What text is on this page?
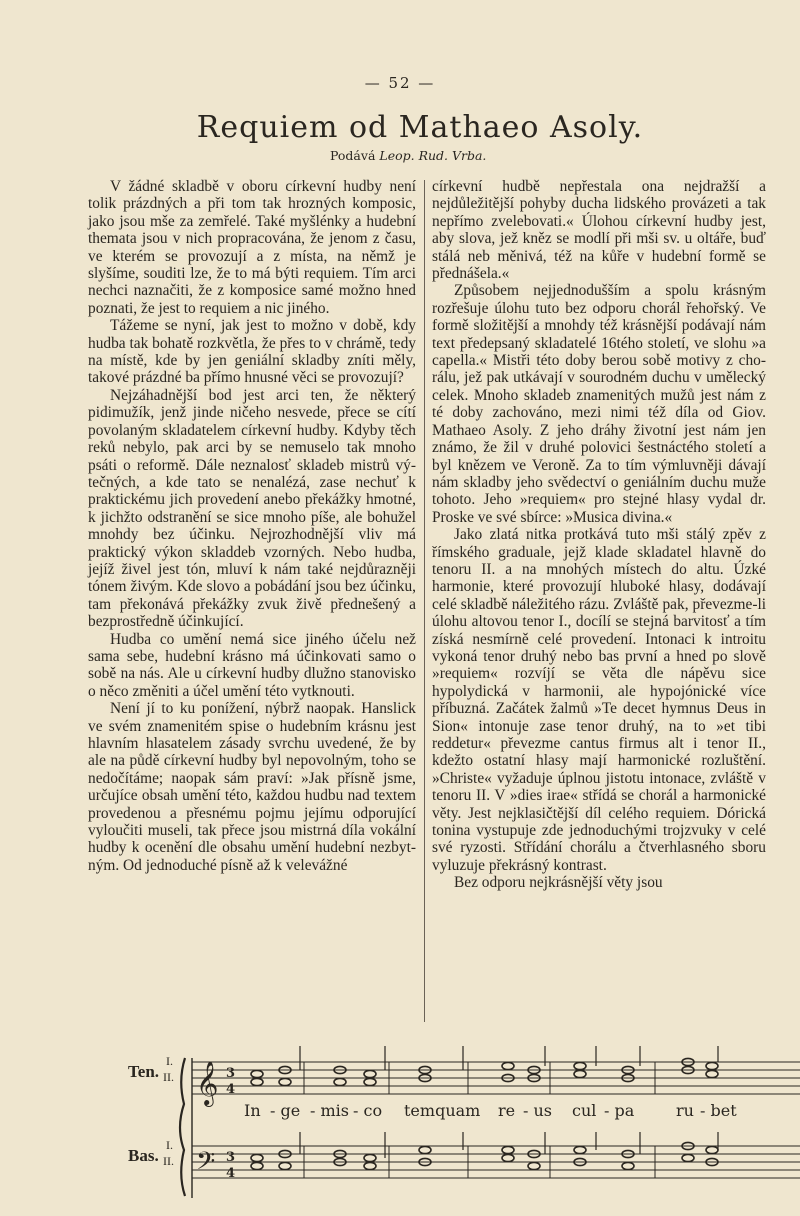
— 52 —
Requiem od Mathaeo Asoly.
Podává Leop. Rud. Vrba.

V žádné skladbě v oboru církevní hudby není tolik prázdných a při tom tak hrozných komposic, jako jsou mše za zemřelé. Také myšlénky a hudební themata jsou v nich propracována, že jenom z času, ve kterém se provozují a z místa, na němž je slyšíme, souditi lze, že to má býti requiem. Tím arci nechci naznačiti, že z komposice samé možno hned poznati, že jest to requiem a nic jiného.

Tážeme se nyní, jak jest to možno v době, kdy hudba tak bohatě rozkvětla, že přes to v chrámě, tedy na místě, kde by jen geniální skladby zníti měly, takové prázdné ba přímo hnusné věci se provozují?

Nejzáhadnější bod jest arci ten, že některý pidimužík, jenž jinde ničeho nesvede, přece se cítí povolaným skladatelem církevní hudby. Kdyby těch reků nebylo, pak arci by se nemuselo tak mnoho psáti o reformě. Dále neznalosť skladeb mistrů výtečných, a kde tato se nenalézá, zase nechuť k praktickému jich provedení anebo překážky hmotné, k jichžto odstranění se sice mnoho píše, ale bohužel mnohdy bez účinku. Nejrozhodnější vliv má praktický výkon skladdeb vzorných. Nebo hudba, jejíž živel jest tón, mluví k nám také nejdůrazněji tónem živým. Kde slovo a pobádání jsou bez účinku, tam překonává překážky zvuk živě přednešený a bezprostředně účinkující.

Hudba co umění nemá sice jiného účelu než sama sebe, hudební krásno má účinkovati samo o sobě na nás. Ale u církevní hudby dlužno stanovisko o něco změniti a účel umění této vytknouti.

Není jí to ku ponížení, nýbrž naopak. Hanslick ve svém znamenitém spise o hudebním krásnu jest hlavním hlasatelem zásady svrchu uvedené, že by ale na půdě církevní hudby byl nepovolným, toho se nedočítáme; naopak sám praví: »Jak přísně jsme, určujíce obsah umění této, každou hudbu nad textem provedenou a přesnému pojmu jejímu odporující vyloučiti museli, tak přece jsou mistrná díla vokální hudby k ocenění dle obsahu umění hudební nezbytným. Od jednoduché písně až k velevážné

církevní hudbě nepřestala ona nejdražší a nejdůležitější pohyby ducha lidského provázeti a tak nepřímo zvelebovati.« Úlohou církevní hudby jest, aby slova, jež kněz se modlí při mši sv. u oltáře, buď stálá neb měnivá, též na kůře v hudební formě se přednášela.«

Způsobem nejjednodušším a spolu krásným rozřešuje úlohu tuto bez odporu chorál řehořský. Ve formě složitější a mnohdy též krásnější podávají nám text předepsaný skladatelé 16tého století, ve slohu »a capella.« Mistři této doby berou sobě motivy z chorálu, jež pak utkávají v sourodném duchu v umělecký celek. Mnoho skladeb znamenitých mužů jest nám z té doby zachováno, mezi nimi též díla od Giov. Mathaeo Asoly. Z jeho dráhy životní jest nám jen známo, že žil v druhé polovici šestnáctého století a byl knězem ve Veroně. Za to tím výmluvněji dávají nám skladby jeho svědectví o geniálním duchu muže tohoto. Jeho »requiem« pro stejné hlasy vydal dr. Proske ve své sbírce: »Musica divina.«

Jako zlatá nitka protkává tuto mši stálý zpěv z římského graduale, jejž klade skladatel hlavně do tenoru II. a na mnohých místech do altu. Úzké harmonie, které provozují hluboké hlasy, dodávají celé skladbě náležitého rázu. Zvláště pak, převezme-li úlohu altovou tenor I., docílí se stejná barvitosť a tím získá nesmírně celé provedení. Intonaci k introitu vykoná tenor druhý nebo bas první a hned po slově »requiem« rozvíjí se věta dle nápěvu sice hypolydická v harmonii, ale hypojónické více příbuzná. Začátek žalmů »Te decet hymnus Deus in Sion« intonuje zase tenor druhý, na to »et tibi reddetur« převezme cantus firmus alt i tenor II., kdežto ostatní hlasy mají harmonické rozluštění. »Christe« vyžaduje úplnou jistotu intonace, zvláště v tenoru II. V »dies irae« střídá se chorál a harmonické věty. Jest nejklasičtější díl celého requiem. Dórická tonina vystupuje zde jednoduchými trojzvuky v celé své ryzosti. Střídání chorálu a čtverhlasného sboru vyluzuje překrásný kontrast.

Bez odporu nejkrásnější věty jsou

Ten.
I.
II.
Bas.
I.
II.
𝄞
𝄢
3
4
3
4
In - ge - mis - co temquam re - us cul - pa	ru - bet
